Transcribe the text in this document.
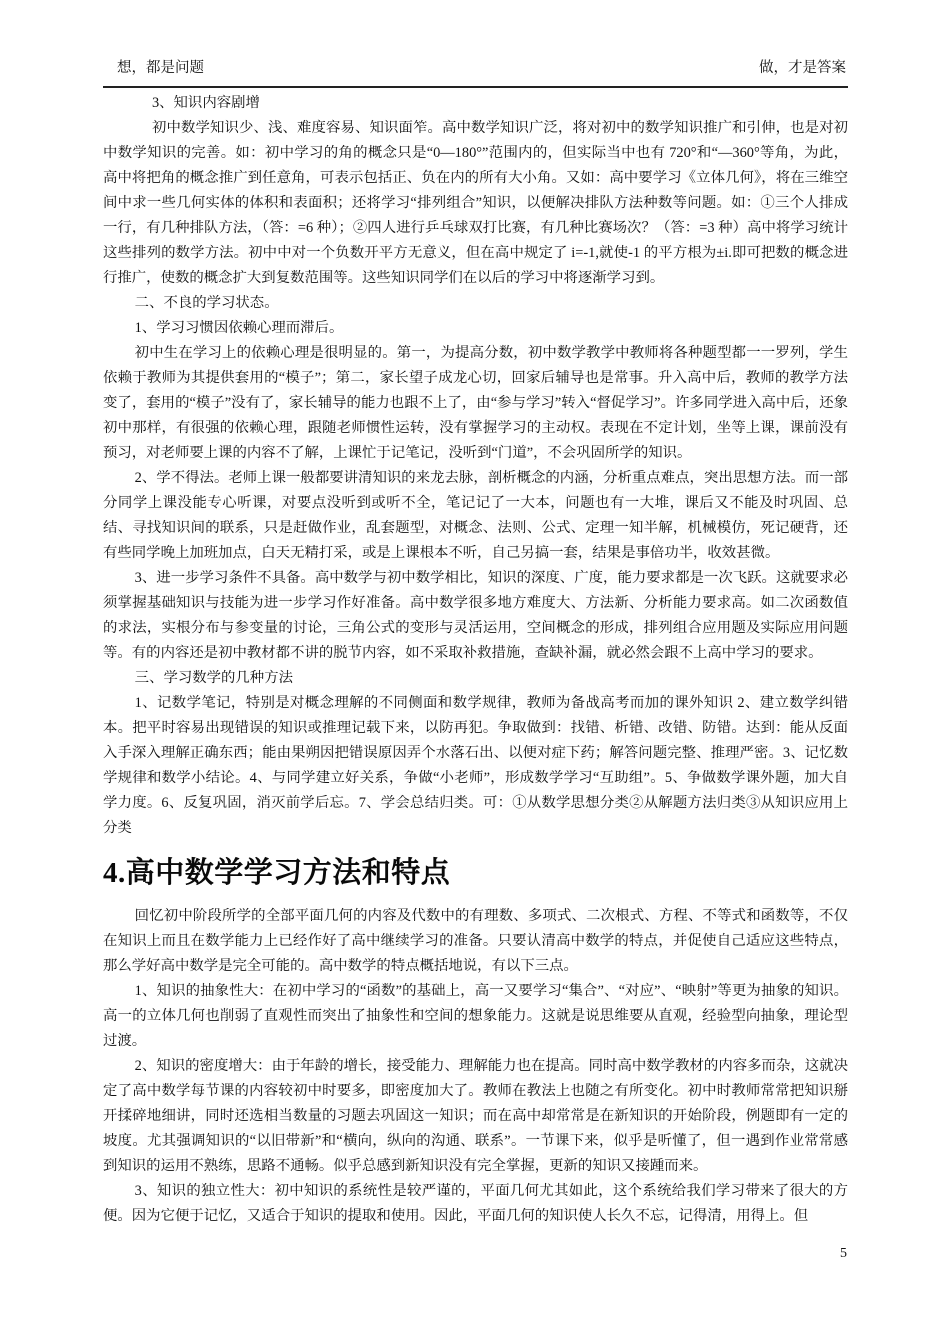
想，都是问题	做，才是答案

3、知识内容剧增

初中数学知识少、浅、难度容易、知识面笮。高中数学知识广泛，将对初中的数学知识推广和引伸，也是对初中数学知识的完善。如：初中学习的角的概念只是“0—180°”范围内的，但实际当中也有 720°和“—360°等角，为此，高中将把角的概念推广到任意角，可表示包括正、负在内的所有大小角。又如：高中要学习《立体几何》，将在三维空间中求一些几何实体的体积和表面积；还将学习“排列组合”知识，以便解决排队方法种数等问题。如：①三个人排成一行，有几种排队方法，（答：=6 种）；②四人进行乒乓球双打比赛，有几种比赛场次？（答：=3 种）高中将学习统计这些排列的数学方法。初中中对一个负数开平方无意义，但在高中规定了 i=-1,就使-1 的平方根为±i.即可把数的概念进行推广，使数的概念扩大到复数范围等。这些知识同学们在以后的学习中将逐渐学习到。

二、不良的学习状态。

1、学习习惯因依赖心理而滞后。

初中生在学习上的依赖心理是很明显的。第一，为提高分数，初中数学教学中教师将各种题型都一一罗列，学生依赖于教师为其提供套用的“模子”；第二，家长望子成龙心切，回家后辅导也是常事。升入高中后，教师的教学方法变了，套用的“模子”没有了，家长辅导的能力也跟不上了，由“参与学习”转入“督促学习”。许多同学进入高中后，还象初中那样，有很强的依赖心理，跟随老师惯性运转，没有掌握学习的主动权。表现在不定计划，坐等上课，课前没有预习，对老师要上课的内容不了解，上课忙于记笔记，没听到“门道”，不会巩固所学的知识。

2、学不得法。老师上课一般都要讲清知识的来龙去脉，剖析概念的内涵，分析重点难点，突出思想方法。而一部分同学上课没能专心听课，对要点没听到或听不全，笔记记了一大本，问题也有一大堆，课后又不能及时巩固、总结、寻找知识间的联系，只是赶做作业，乱套题型，对概念、法则、公式、定理一知半解，机械模仿，死记硬背，还有些同学晚上加班加点，白天无精打采，或是上课根本不听，自己另搞一套，结果是事倍功半，收效甚微。

3、进一步学习条件不具备。高中数学与初中数学相比，知识的深度、广度，能力要求都是一次飞跃。这就要求必须掌握基础知识与技能为进一步学习作好准备。高中数学很多地方难度大、方法新、分析能力要求高。如二次函数值的求法，实根分布与参变量的讨论，三角公式的变形与灵活运用，空间概念的形成，排列组合应用题及实际应用问题等。有的内容还是初中教材都不讲的脱节内容，如不采取补救措施，查缺补漏，就必然会跟不上高中学习的要求。

三、学习数学的几种方法

1、记数学笔记，特别是对概念理解的不同侧面和数学规律，教师为备战高考而加的课外知识 2、建立数学纠错本。把平时容易出现错误的知识或推理记载下来，以防再犯。争取做到：找错、析错、改错、防错。达到：能从反面入手深入理解正确东西；能由果朔因把错误原因弄个水落石出、以便对症下药；解答问题完整、推理严密。3、记忆数学规律和数学小结论。4、与同学建立好关系，争做“小老师”，形成数学学习“互助组”。5、争做数学课外题，加大自学力度。6、反复巩固，消灭前学后忘。7、学会总结归类。可：①从数学思想分类②从解题方法归类③从知识应用上分类

4.高中数学学习方法和特点

回忆初中阶段所学的全部平面几何的内容及代数中的有理数、多项式、二次根式、方程、不等式和函数等，不仅在知识上而且在数学能力上已经作好了高中继续学习的准备。只要认清高中数学的特点，并促使自己适应这些特点，那么学好高中数学是完全可能的。高中数学的特点概括地说，有以下三点。

1、知识的抽象性大：在初中学习的“函数”的基础上，高一又要学习“集合”、“对应”、“映射”等更为抽象的知识。高一的立体几何也削弱了直观性而突出了抽象性和空间的想象能力。这就是说思维要从直观，经验型向抽象，理论型过渡。

2、知识的密度增大：由于年龄的增长，接受能力、理解能力也在提高。同时高中数学教材的内容多而杂，这就决定了高中数学每节课的内容较初中时要多，即密度加大了。教师在教法上也随之有所变化。初中时教师常常把知识掰开揉碎地细讲，同时还选相当数量的习题去巩固这一知识；而在高中却常常是在新知识的开始阶段，例题即有一定的坡度。尤其强调知识的“以旧带新”和“横向，纵向的沟通、联系”。一节课下来，似乎是听懂了，但一遇到作业常常感到知识的运用不熟练，思路不通畅。似乎总感到新知识没有完全掌握，更新的知识又接踵而来。

3、知识的独立性大：初中知识的系统性是较严谨的，平面几何尤其如此，这个系统给我们学习带来了很大的方便。因为它便于记忆，又适合于知识的提取和使用。因此，平面几何的知识使人长久不忘，记得清，用得上。但

5
